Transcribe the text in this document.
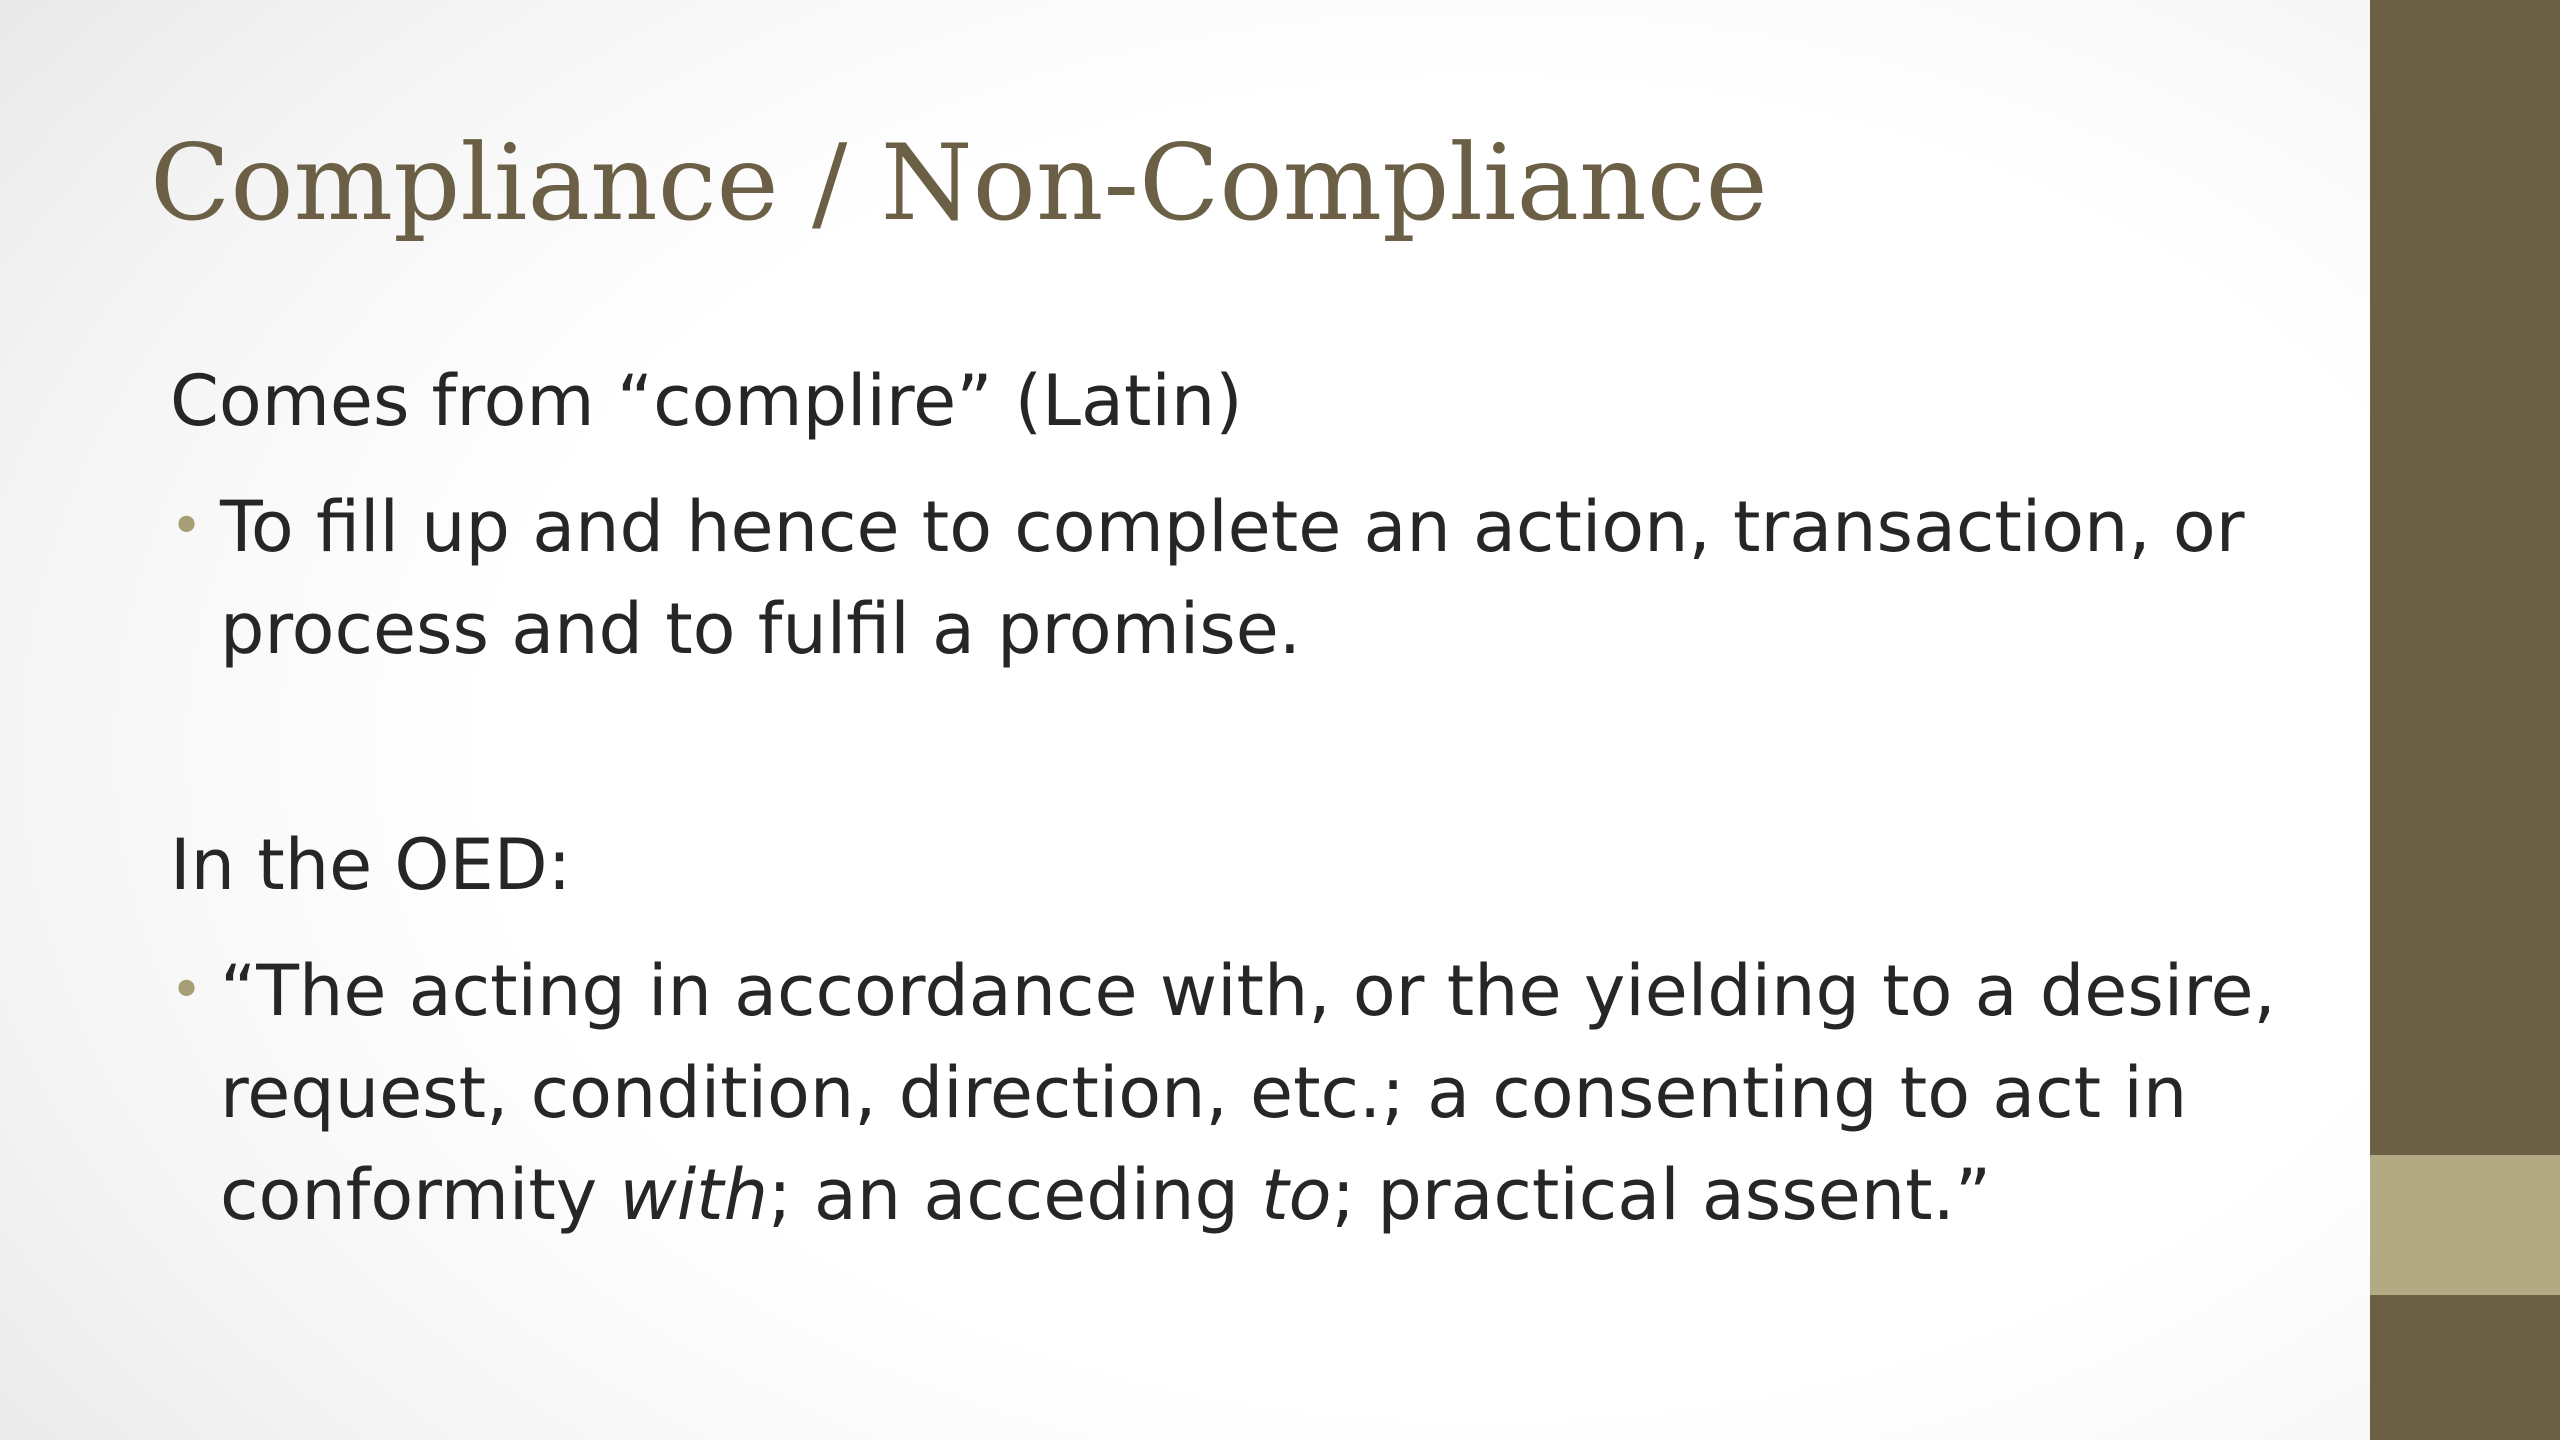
Compliance / Non-Compliance

Comes from “complire” (Latin)

• To fill up and hence to complete an action, transaction, or process and to fulfil a promise.

In the OED:

• “The acting in accordance with, or the yielding to a desire, request, condition, direction, etc.; a consenting to act in conformity with; an acceding to; practical assent.”
